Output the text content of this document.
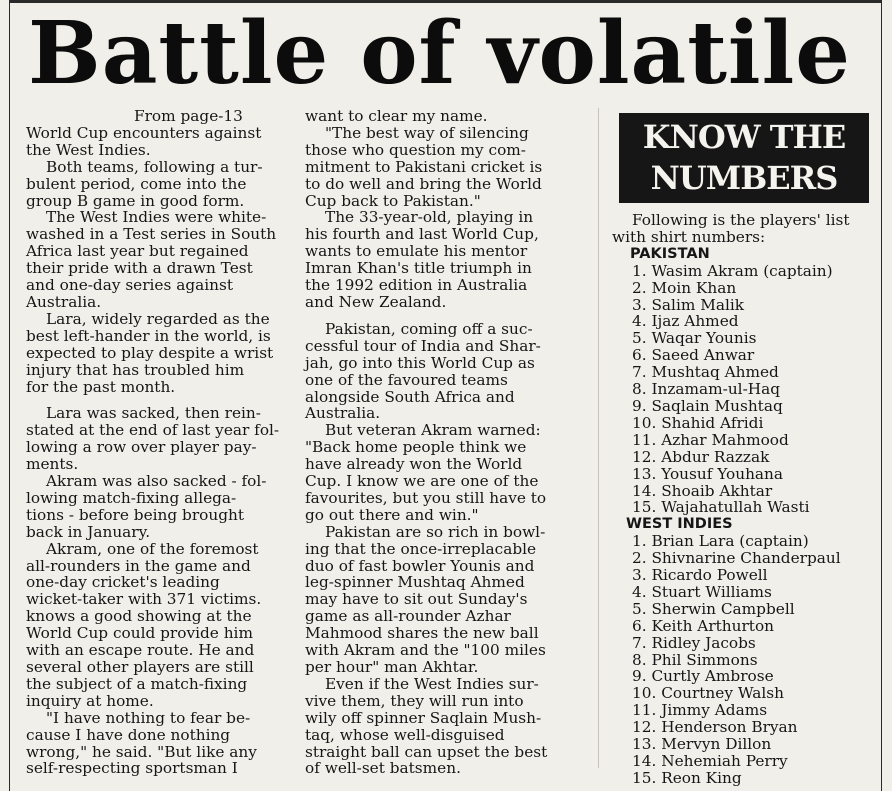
Battle of volatile

From page-13

World Cup encounters against

the West Indies.

Both teams, following a tur-

bulent period, come into the

group B game in good form.

The West Indies were white-

washed in a Test series in South

Africa last year but regained

their pride with a drawn Test

and one-day series against

Australia.

Lara, widely regarded as the

best left-hander in the world, is

expected to play despite a wrist

injury that has troubled him

for the past month.

Lara was sacked, then rein-

stated at the end of last year fol-

lowing a row over player pay-

ments.

Akram was also sacked - fol-

lowing match-fixing allega-

tions - before being brought

back in January.

Akram, one of the foremost

all-rounders in the game and

one-day cricket's leading

wicket-taker with 371 victims.

knows a good showing at the

World Cup could provide him

with an escape route. He and

several other players are still

the subject of a match-fixing

inquiry at home.

"I have nothing to fear be-

cause I have done nothing

wrong," he said. "But like any

self-respecting sportsman I

want to clear my name.

"The best way of silencing

those who question my com-

mitment to Pakistani cricket is

to do well and bring the World

Cup back to Pakistan."

The 33-year-old, playing in

his fourth and last World Cup,

wants to emulate his mentor

Imran Khan's title triumph in

the 1992 edition in Australia

and New Zealand.

Pakistan, coming off a suc-

cessful tour of India and Shar-

jah, go into this World Cup as

one of the favoured teams

alongside South Africa and

Australia.

But veteran Akram warned:

"Back home people think we

have already won the World

Cup. I know we are one of the

favourites, but you still have to

go out there and win."

Pakistan are so rich in bowl-

ing that the once-irreplacable

duo of fast bowler Younis and

leg-spinner Mushtaq Ahmed

may have to sit out Sunday's

game as all-rounder Azhar

Mahmood shares the new ball

with Akram and the "100 miles

per hour" man Akhtar.

Even if the West Indies sur-

vive them, they will run into

wily off spinner Saqlain Mush-

taq, whose well-disguised

straight ball can upset the best

of well-set batsmen.

KNOW THE
NUMBERS

Following is the players' list

with shirt numbers:

PAKISTAN

1. Wasim Akram (captain)
2. Moin Khan
3. Salim Malik
4. Ijaz Ahmed
5. Waqar Younis
6. Saeed Anwar
7. Mushtaq Ahmed
8. Inzamam-ul-Haq
9. Saqlain Mushtaq
10. Shahid Afridi
11. Azhar Mahmood
12. Abdur Razzak
13. Yousuf Youhana
14. Shoaib Akhtar
15. Wajahatullah Wasti

WEST INDIES

1. Brian Lara (captain)
2. Shivnarine Chanderpaul
3. Ricardo Powell
4. Stuart Williams
5. Sherwin Campbell
6. Keith Arthurton
7. Ridley Jacobs
8. Phil Simmons
9. Curtly Ambrose
10. Courtney Walsh
11. Jimmy Adams
12. Henderson Bryan
13. Mervyn Dillon
14. Nehemiah Perry
15. Reon King
